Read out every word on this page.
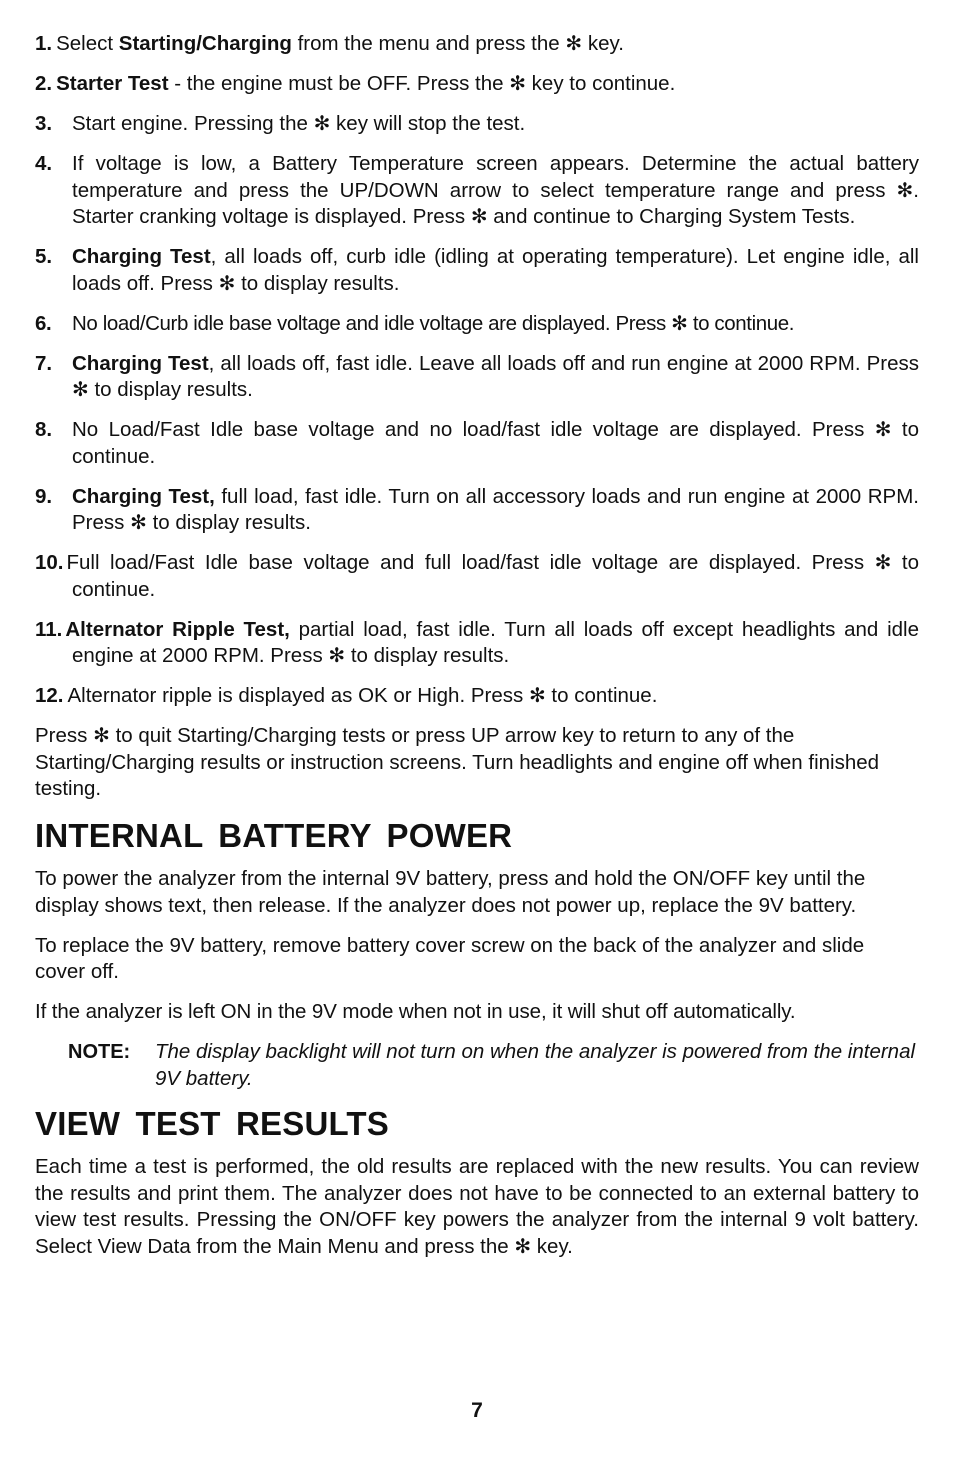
1. Select Starting/Charging from the menu and press the ✻ key.
2. Starter Test - the engine must be OFF. Press the ✻ key to continue.
3. Start engine. Pressing the ✻ key will stop the test.
4. If voltage is low, a Battery Temperature screen appears. Determine the actual battery temperature and press the UP/DOWN arrow to select temperature range and press ✻. Starter cranking voltage is displayed. Press ✻ and continue to Charging System Tests.
5. Charging Test, all loads off, curb idle (idling at operating temperature). Let engine idle, all loads off. Press ✻ to display results.
6.	No load/Curb idle base voltage and idle voltage are displayed. Press ✻ to continue.
7. Charging Test, all loads off, fast idle. Leave all loads off and run engine at 2000 RPM. Press ✻ to display results.
8. No Load/Fast Idle base voltage and no load/fast idle voltage are displayed. Press ✻ to continue.
9. Charging Test, full load, fast idle. Turn on all accessory loads and run engine at 2000 RPM. Press ✻ to display results.
10. Full load/Fast Idle base voltage and full load/fast idle voltage are displayed. Press ✻ to continue.
11. Alternator Ripple Test, partial load, fast idle. Turn all loads off except headlights and idle engine at 2000 RPM. Press ✻ to display results.
12. Alternator ripple is displayed as OK or High. Press ✻ to continue.
Press ✻ to quit Starting/Charging tests or press UP arrow key to return to any of the Starting/Charging results or instruction screens. Turn headlights and engine off when finished testing.
INTERNAL BATTERY POWER
To power the analyzer from the internal 9V battery, press and hold the ON/OFF key until the display shows text, then release. If the analyzer does not power up, replace the 9V battery.
To replace the 9V battery, remove battery cover screw on the back of the analyzer and slide cover off.
If the analyzer is left ON in the 9V mode when not in use, it will shut off automatically.
NOTE:	The display backlight will not turn on when the analyzer is powered from the internal 9V battery.
VIEW TEST RESULTS
Each time a test is performed, the old results are replaced with the new results. You can review the results and print them. The analyzer does not have to be connected to an external battery to view test results. Pressing the ON/OFF key powers the analyzer from the internal 9 volt battery. Select View Data from the Main Menu and press the ✻ key.
7
